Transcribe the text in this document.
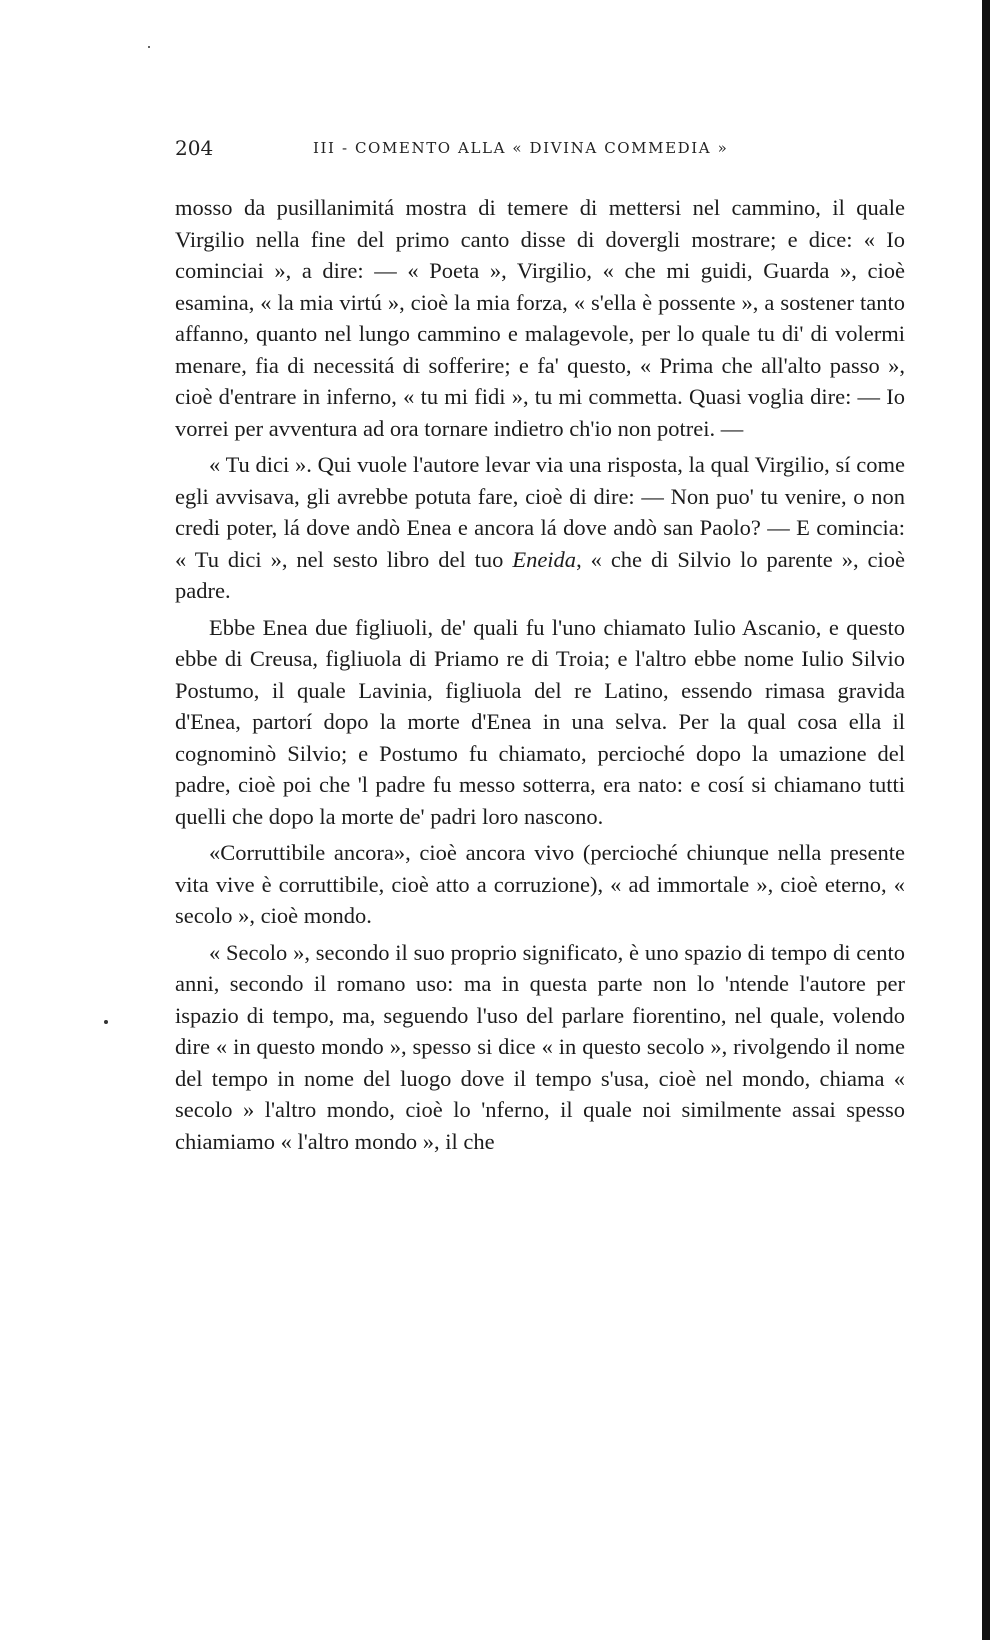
204	III - COMENTO ALLA « DIVINA COMMEDIA »

mosso da pusillanimitá mostra di temere di mettersi nel cammino, il quale Virgilio nella fine del primo canto disse di dovergli mostrare; e dice: « Io cominciai », a dire: — « Poeta », Virgilio, « che mi guidi, Guarda », cioè esamina, « la mia virtú », cioè la mia forza, « s'ella è possente », a sostener tanto affanno, quanto nel lungo cammino e malagevole, per lo quale tu di' di volermi menare, fia di necessitá di sofferire; e fa' questo, « Prima che all'alto passo », cioè d'entrare in inferno, « tu mi fidi », tu mi commetta. Quasi voglia dire: — Io vorrei per avventura ad ora tornare indietro ch'io non potrei. —

« Tu dici ». Qui vuole l'autore levar via una risposta, la qual Virgilio, sí come egli avvisava, gli avrebbe potuta fare, cioè di dire: — Non puo' tu venire, o non credi poter, lá dove andò Enea e ancora lá dove andò san Paolo? — E comincia: « Tu dici », nel sesto libro del tuo Eneida, « che di Silvio lo parente », cioè padre.

Ebbe Enea due figliuoli, de' quali fu l'uno chiamato Iulio Ascanio, e questo ebbe di Creusa, figliuola di Priamo re di Troia; e l'altro ebbe nome Iulio Silvio Postumo, il quale Lavinia, figliuola del re Latino, essendo rimasa gravida d'Enea, partorí dopo la morte d'Enea in una selva. Per la qual cosa ella il cognominò Silvio; e Postumo fu chiamato, percioché dopo la umazione del padre, cioè poi che 'l padre fu messo sotterra, era nato: e cosí si chiamano tutti quelli che dopo la morte de' padri loro nascono.

«Corruttibile ancora», cioè ancora vivo (percioché chiunque nella presente vita vive è corruttibile, cioè atto a corruzione), « ad immortale », cioè eterno, « secolo », cioè mondo.

« Secolo », secondo il suo proprio significato, è uno spazio di tempo di cento anni, secondo il romano uso: ma in questa parte non lo 'ntende l'autore per ispazio di tempo, ma, seguendo l'uso del parlare fiorentino, nel quale, volendo dire « in questo mondo », spesso si dice « in questo secolo », rivolgendo il nome del tempo in nome del luogo dove il tempo s'usa, cioè nel mondo, chiama « secolo » l'altro mondo, cioè lo 'nferno, il quale noi similmente assai spesso chiamiamo « l'altro mondo », il che
